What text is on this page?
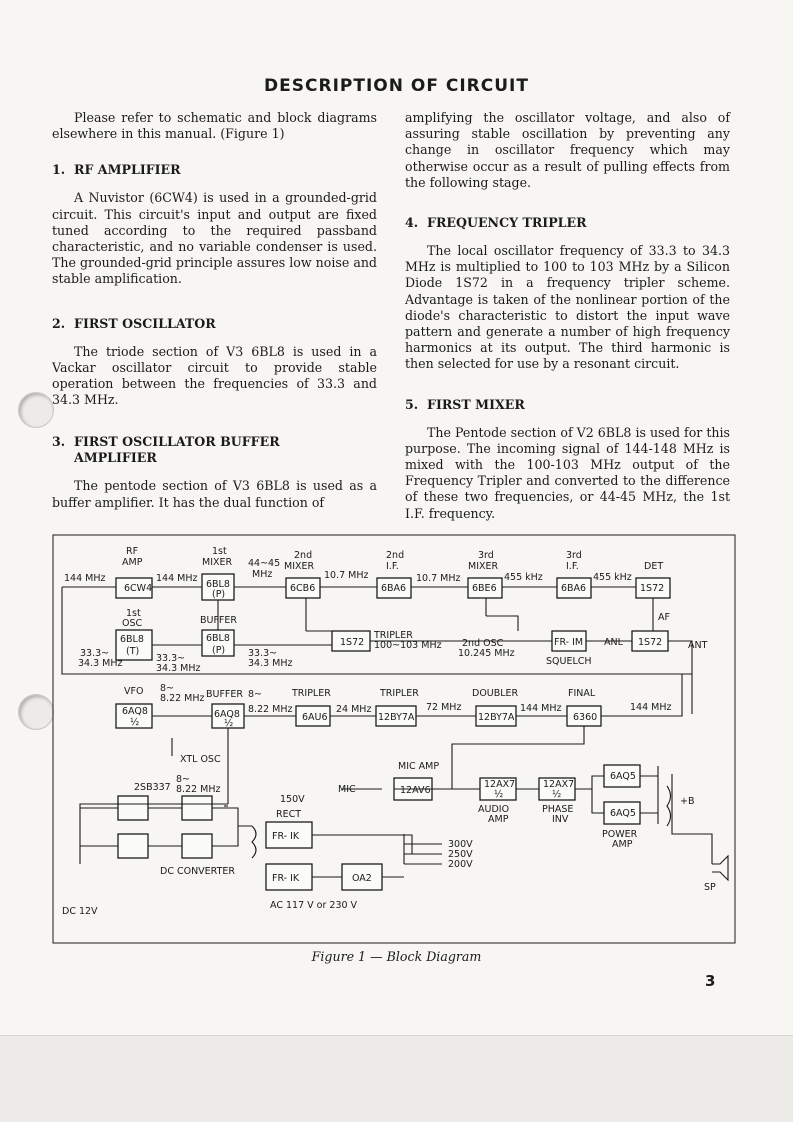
DESCRIPTION OF CIRCUIT

Please refer to schematic and block diagrams elsewhere in this manual. (Figure 1)

1. RF AMPLIFIER

A Nuvistor (6CW4) is used in a grounded-grid circuit. This circuit's input and output are fixed tuned according to the required passband characteristic, and no variable condenser is used. The grounded-grid principle assures low noise and stable amplification.

2. FIRST OSCILLATOR

The triode section of V3 6BL8 is used in a Vackar oscillator circuit to provide stable operation between the frequencies of 33.3 and 34.3 MHz.

3. FIRST OSCILLATOR BUFFER AMPLIFIER

The pentode section of V3 6BL8 is used as a buffer amplifier. It has the dual function of

amplifying the oscillator voltage, and also of assuring stable oscillation by preventing any change in oscillator frequency which may otherwise occur as a result of pulling effects from the following stage.

4. FREQUENCY TRIPLER

The local oscillator frequency of 33.3 to 34.3 MHz is multiplied to 100 to 103 MHz by a Silicon Diode 1S72 in a frequency tripler scheme. Advantage is taken of the nonlinear portion of the diode's characteristic to distort the input wave pattern and generate a number of high frequency harmonics at its output. The third harmonic is then selected for use by a resonant circuit.

5. FIRST MIXER

The Pentode section of V2 6BL8 is used for this purpose. The incoming signal of 144-148 MHz is mixed with the 100-103 MHz output of the Frequency Tripler and converted to the difference of these two frequencies, or 44-45 MHz, the 1st I.F. frequency.

RF
AMP
6CW4
144 MHz	144 MHz
1st
MIXER
6BL8
(P)
44~45
MHz
2nd
MIXER
6CB6
10.7 MHz
2nd
I.F.
6BA6
10.7 MHz
3rd
MIXER
6BE6
455 kHz
3rd
I.F.
6BA6
455 kHz
DET
1S72
AF
1st
OSC
6BL8
(T)
BUFFER
6BL8
(P)
33.3~
34.3 MHz	33.3~
34.3 MHz
33.3~
34.3 MHz
1S72
TRIPLER
100~103 MHz 2nd OSC
10.245 MHz
FR- IM ANL 1S72
SQUELCH
ANT
VFO
6AQ8
½
8~
8.22 MHz BUFFER 8~
6AQ8
½
8.22 MHz
TRIPLER
6AU6
24 MHz
TRIPLER
12BY7A
72 MHz
DOUBLER
12BY7A
144 MHz
FINAL
6360
144 MHz
XTL OSC
8~
8.22 MHz
MIC AMP
MIC	12AV6
12AX7
½
AUDIO
AMP
12AX7
½
PHASE
INV
6AQ5
6AQ5
POWER
AMP
+B
SP
2SB337
150V
RECT
FR- IK
FR- IK	OA2
300V
250V
200V
DC CONVERTER
AC 117 V or 230 V
DC 12V
Figure 1 — Block Diagram
3
